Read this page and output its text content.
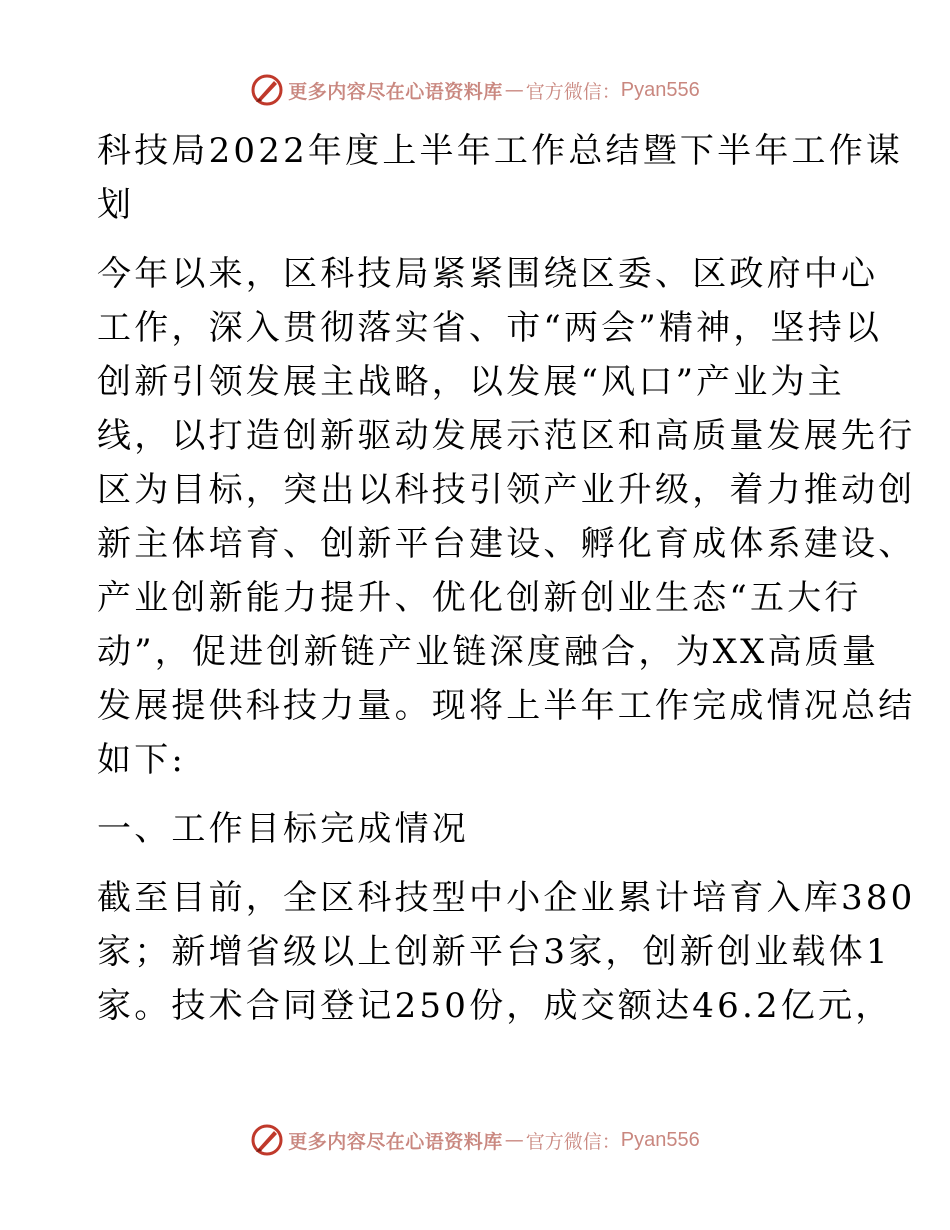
更多内容尽在心语资料库 — 官方微信： Pyan556
科技局2022年度上半年工作总结暨下半年工作谋
划
今年以来，区科技局紧紧围绕区委、区政府中心
工作，深入贯彻落实省、市“两会”精神，坚持以
创新引领发展主战略，以发展“风口”产业为主
线，以打造创新驱动发展示范区和高质量发展先行
区为目标，突出以科技引领产业升级，着力推动创
新主体培育、创新平台建设、孵化育成体系建设、
产业创新能力提升、优化创新创业生态“五大行
动”，促进创新链产业链深度融合，为XX高质量
发展提供科技力量。现将上半年工作完成情况总结
如下:
一、工作目标完成情况
截至目前，全区科技型中小企业累计培育入库380
家；新增省级以上创新平台3家，创新创业载体1
家。技术合同登记250份，成交额达46.2亿元，
更多内容尽在心语资料库 — 官方微信： Pyan556
